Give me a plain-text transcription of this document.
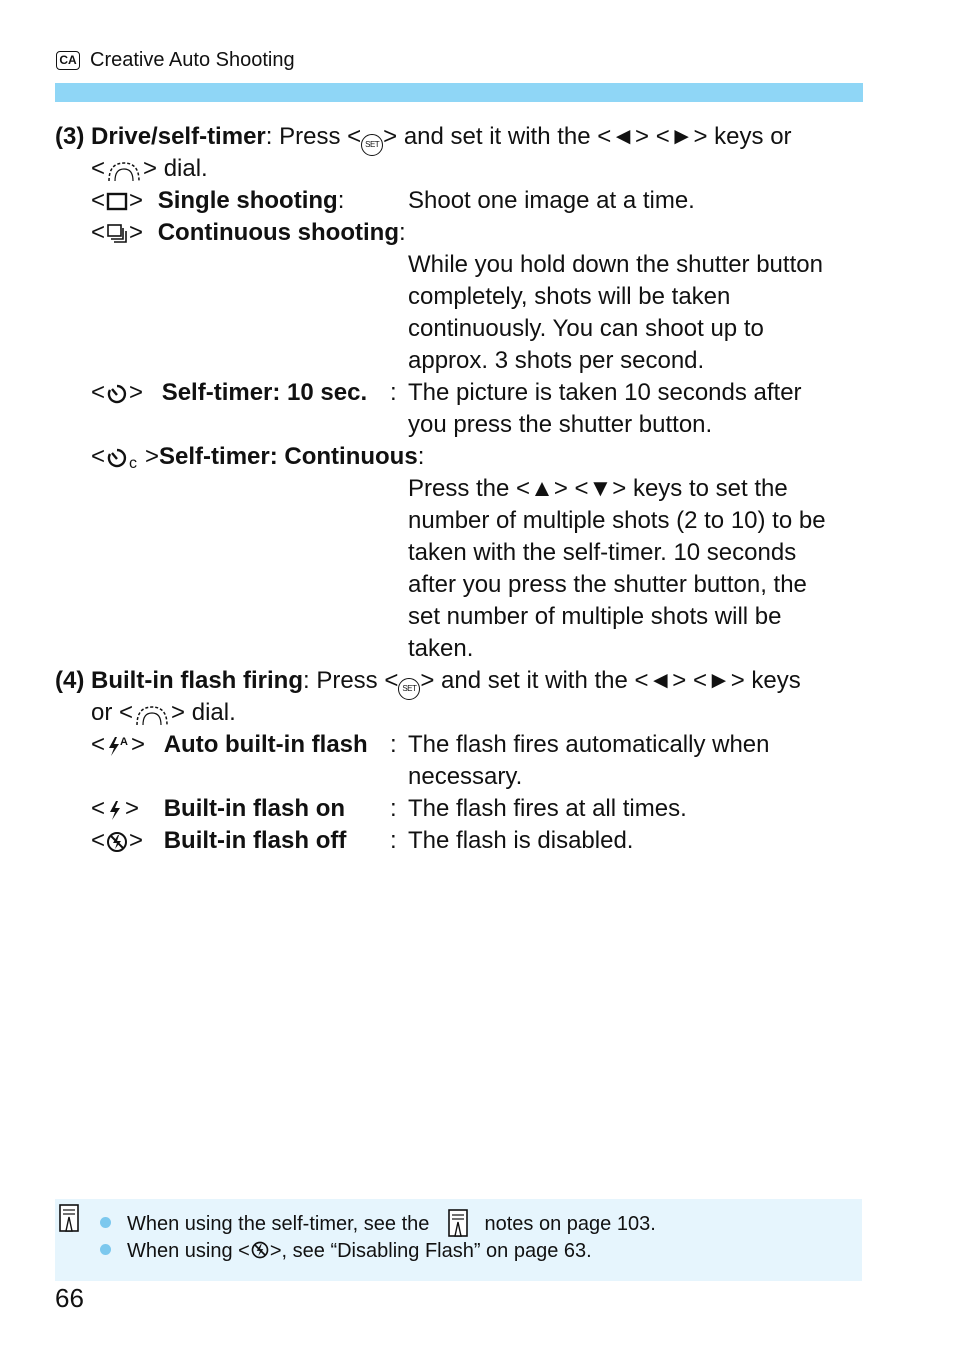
CA Creative Auto Shooting
(3) Drive/self-timer: Press < SET > and set it with the <◄> <►> keys or
< > dial.
< > Single shooting:	Shoot one image at a time.
< > Continuous shooting:
While you hold down the shutter button
completely, shots will be taken
continuously. You can shoot up to
approx. 3 shots per second.
< > Self-timer: 10 sec. : The picture is taken 10 seconds after
you press the shutter button.
< c >Self-timer: Continuous:
Press the <▲> <▼> keys to set the
number of multiple shots (2 to 10) to be
taken with the self-timer. 10 seconds
after you press the shutter button, the
set number of multiple shots will be
taken.
(4) Built-in flash firing: Press < SET > and set it with the <◄> <►> keys
or < > dial.
< A > Auto built-in flash : The flash fires automatically when
necessary.
< > Built-in flash on : The flash fires at all times.
< > Built-in flash off : The flash is disabled.
When using the self-timer, see the	notes on page 103.
When using < >, see “Disabling Flash” on page 63.
66
